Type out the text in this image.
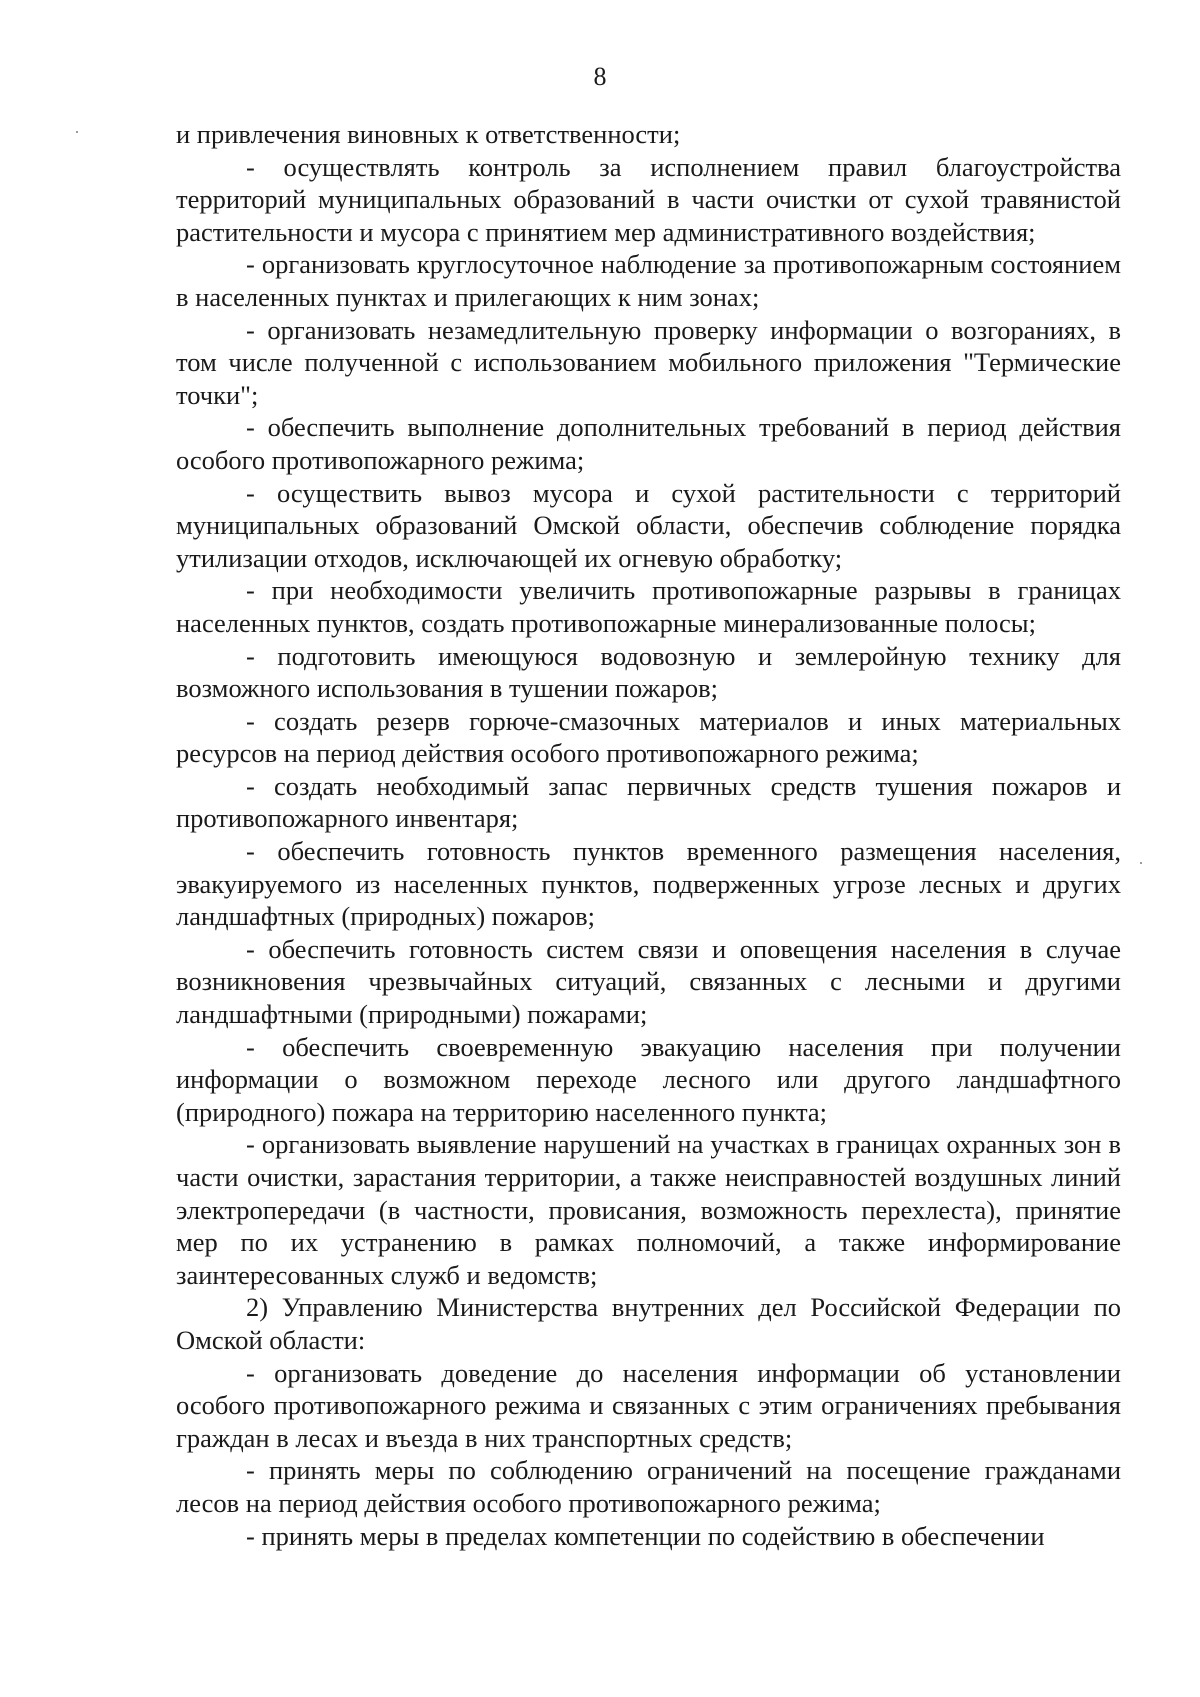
8

и привлечения виновных к ответственности;

- осуществлять контроль за исполнением правил благоустройства территорий муниципальных образований в части очистки от сухой травянистой растительности и мусора с принятием мер административного воздействия;

- организовать круглосуточное наблюдение за противопожарным состоянием в населенных пунктах и прилегающих к ним зонах;

- организовать незамедлительную проверку информации о возгораниях, в том числе полученной с использованием мобильного приложения "Термические точки";

- обеспечить выполнение дополнительных требований в период действия особого противопожарного режима;

- осуществить вывоз мусора и сухой растительности с территорий муниципальных образований Омской области, обеспечив соблюдение порядка утилизации отходов, исключающей их огневую обработку;

- при необходимости увеличить противопожарные разрывы в границах населенных пунктов, создать противопожарные минерализованные полосы;

- подготовить имеющуюся водовозную и землеройную технику для возможного использования в тушении пожаров;

- создать резерв горюче-смазочных материалов и иных материальных ресурсов на период действия особого противопожарного режима;

- создать необходимый запас первичных средств тушения пожаров и противопожарного инвентаря;

- обеспечить готовность пунктов временного размещения населения, эвакуируемого из населенных пунктов, подверженных угрозе лесных и других ландшафтных (природных) пожаров;

- обеспечить готовность систем связи и оповещения населения в случае возникновения чрезвычайных ситуаций, связанных с лесными и другими ландшафтными (природными) пожарами;

- обеспечить своевременную эвакуацию населения при получении информации о возможном переходе лесного или другого ландшафтного (природного) пожара на территорию населенного пункта;

- организовать выявление нарушений на участках в границах охранных зон в части очистки, зарастания территории, а также неисправностей воздушных линий электропередачи (в частности, провисания, возможность перехлеста), принятие мер по их устранению в рамках полномочий, а также информирование заинтересованных служб и ведомств;

2) Управлению Министерства внутренних дел Российской Федерации по Омской области:

- организовать доведение до населения информации об установлении особого противопожарного режима и связанных с этим ограничениях пребывания граждан в лесах и въезда в них транспортных средств;

- принять меры по соблюдению ограничений на посещение гражданами лесов на период действия особого противопожарного режима;

- принять меры в пределах компетенции по содействию в обеспечении
